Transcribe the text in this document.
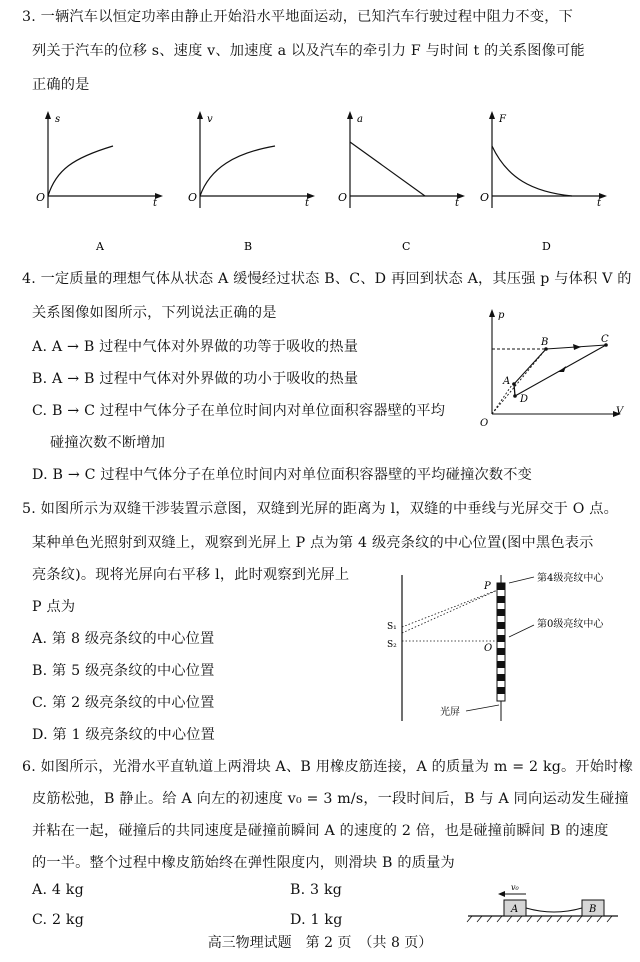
3. 一辆汽车以恒定功率由静止开始沿水平地面运动，已知汽车行驶过程中阻力不变，下
列关于汽车的位移 s、速度 v、加速度 a 以及汽车的牵引力 F 与时间 t 的关系图像可能
正确的是
s
O	t
A
v
O	t
B
a
O	t
C
F
O	t
D
4. 一定质量的理想气体从状态 A 缓慢经过状态 B、C、D 再回到状态 A，其压强 p 与体积 V 的
关系图像如图所示，下列说法正确的是
A. A → B 过程中气体对外界做的功等于吸收的热量
B. A → B 过程中气体对外界做的功小于吸收的热量
C. B → C 过程中气体分子在单位时间内对单位面积容器壁的平均
碰撞次数不断增加
D. B → C 过程中气体分子在单位时间内对单位面积容器壁的平均碰撞次数不变
p
O
V
A
B	C
D
5. 如图所示为双缝干涉装置示意图，双缝到光屏的距离为 l，双缝的中垂线与光屏交于 O 点。
某种单色光照射到双缝上，观察到光屏上 P 点为第 4 级亮条纹的中心位置(图中黑色表示
亮条纹)。现将光屏向右平移 l，此时观察到光屏上
P 点为
A. 第 8 级亮条纹的中心位置
B. 第 5 级亮条纹的中心位置
C. 第 2 级亮条纹的中心位置
D. 第 1 级亮条纹的中心位置
P
O
S₁
S₂
第4级亮纹中心
第0级亮纹中心
光屏
6. 如图所示，光滑水平直轨道上两滑块 A、B 用橡皮筋连接，A 的质量为 m = 2 kg。开始时橡
皮筋松弛，B 静止。给 A 向左的初速度 v₀ = 3 m/s，一段时间后，B 与 A 同向运动发生碰撞
并粘在一起，碰撞后的共同速度是碰撞前瞬间 A 的速度的 2 倍，也是碰撞前瞬间 B 的速度
的一半。整个过程中橡皮筋始终在弹性限度内，则滑块 B 的质量为
A. 4 kg	B. 3 kg
C. 2 kg	D. 1 kg
v₀
A	B
高三物理试题　第 2 页　（共 8 页）
